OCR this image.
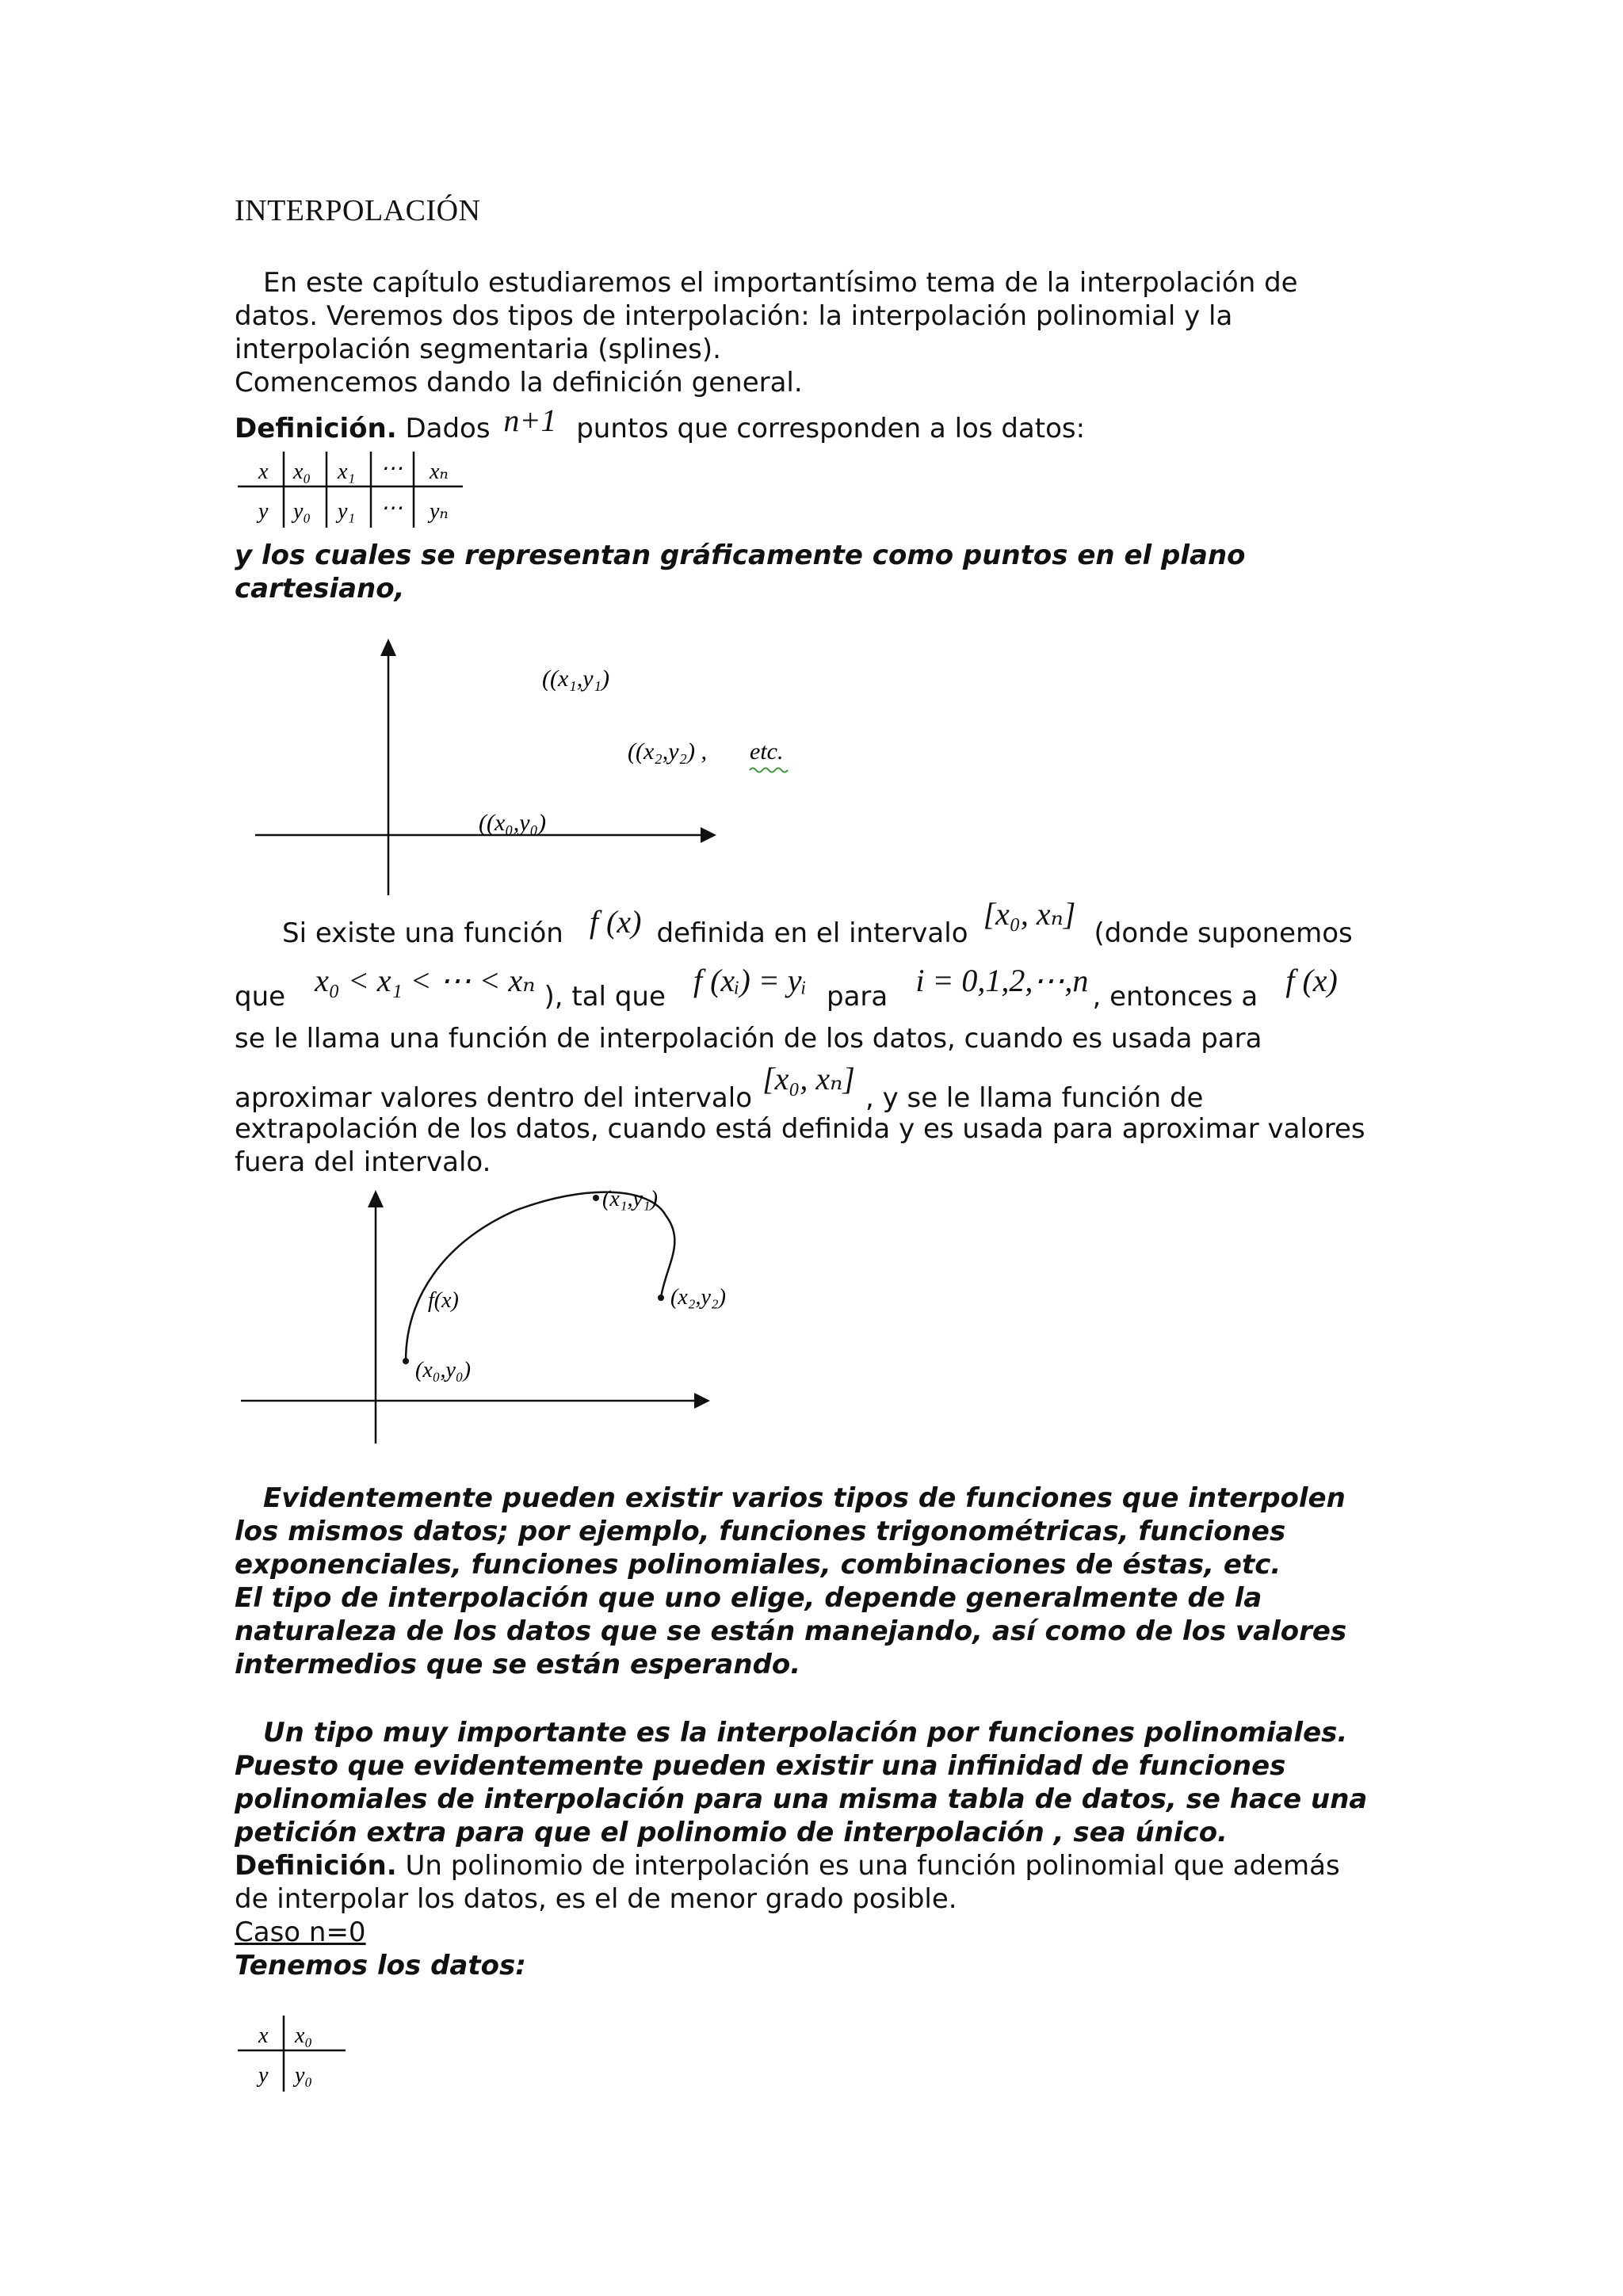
INTERPOLACIÓN
En este capítulo estudiaremos el importantísimo tema de la interpolación de
datos. Veremos dos tipos de interpolación: la interpolación polinomial y la
interpolación segmentaria (splines).
Comencemos dando la definición general.
Definición. Dados n+1 puntos que corresponden a los datos:
x x₀ x₁ ⋯ xₙ
y y₀ y₁ ⋯ yₙ
y los cuales se representan gráficamente como puntos en el plano
cartesiano,
((x₁,y₁)
((x₂,y₂) , etc.
((x₀,y₀)
Si existe una función f (x) definida en el intervalo [x₀, xₙ] (donde suponemos
que x₀ < x₁ < ⋯ < xₙ ), tal que f (xᵢ) = yᵢ para i = 0,1,2,⋯,n , entonces a f (x)
se le llama una función de interpolación de los datos, cuando es usada para
aproximar valores dentro del intervalo [x₀, xₙ] , y se le llama función de
extrapolación de los datos, cuando está definida y es usada para aproximar valores
fuera del intervalo.
(x₀,y₀)
(x₁,y₁)
(x₂,y₂)
f(x)
Evidentemente pueden existir varios tipos de funciones que interpolen
los mismos datos; por ejemplo, funciones trigonométricas, funciones
exponenciales, funciones polinomiales, combinaciones de éstas, etc.
El tipo de interpolación que uno elige, depende generalmente de la
naturaleza de los datos que se están manejando, así como de los valores
intermedios que se están esperando.
Un tipo muy importante es la interpolación por funciones polinomiales.
Puesto que evidentemente pueden existir una infinidad de funciones
polinomiales de interpolación para una misma tabla de datos, se hace una
petición extra para que el polinomio de interpolación , sea único.
Definición. Un polinomio de interpolación es una función polinomial que además
de interpolar los datos, es el de menor grado posible.
Caso n=0
Tenemos los datos:
x x₀
y y₀
